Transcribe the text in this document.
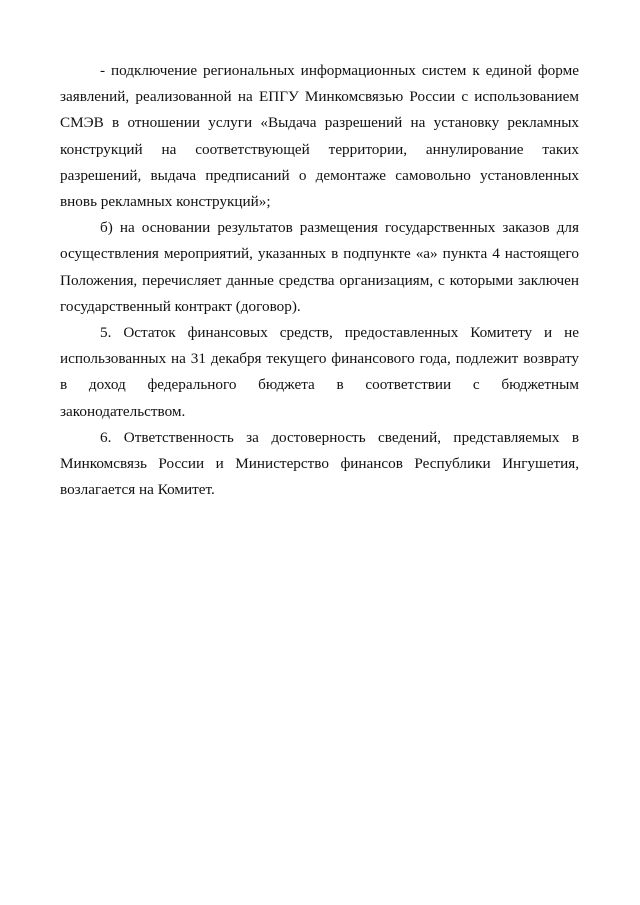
- подключение региональных информационных систем к единой форме заявлений, реализованной на ЕПГУ Минкомсвязью России с использованием СМЭВ в отношении услуги «Выдача разрешений на установку рекламных конструкций на соответствующей территории, аннулирование таких разрешений, выдача предписаний о демонтаже самовольно установленных вновь рекламных конструкций»;

б) на основании результатов размещения государственных заказов для осуществления мероприятий, указанных в подпункте «а» пункта 4 настоящего Положения, перечисляет данные средства организациям, с которыми заключен государственный контракт (договор).

5. Остаток финансовых средств, предоставленных Комитету и не использованных на 31 декабря текущего финансового года, подлежит возврату в доход федерального бюджета в соответствии с бюджетным законодательством.

6. Ответственность за достоверность сведений, представляемых в Минкомсвязь России и Министерство финансов Республики Ингушетия, возлагается на Комитет.
